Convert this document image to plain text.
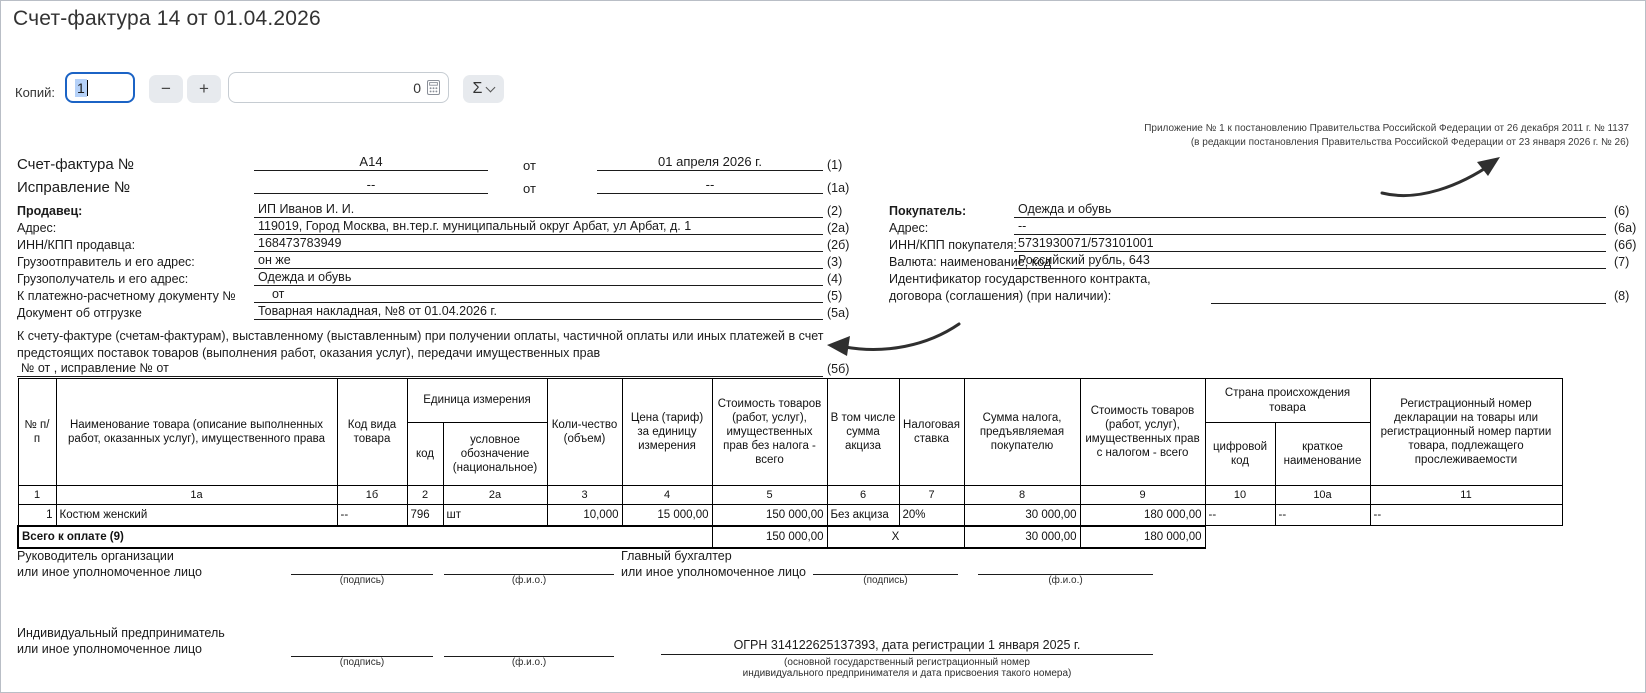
Счет-фактура 14 от 01.04.2026
Копий: 1	−	+	0	Σ
Приложение № 1 к постановлению Правительства Российской Федерации от 26 декабря 2011 г. № 1137
(в редакции постановления Правительства Российской Федерации от 23 января 2026 г. № 26)
Счет-фактура №	А14	от	01 апреля 2026 г.	(1)
Исправление №	--	от	--	(1а)
Продавец:	ИП Иванов И. И.	(2)
Адрес:	119019, Город Москва, вн.тер.г. муниципальный округ Арбат, ул Арбат, д. 1	(2а)
ИНН/КПП продавца:	168473783949	(2б)
Грузоотправитель и его адрес:	он же	(3)
Грузополучатель и его адрес:	Одежда и обувь	(4)
К платежно-расчетному документу №	от	(5)
Документ об отгрузке	Товарная накладная, №8 от 01.04.2026 г.	(5а)
Покупатель:	Одежда и обувь	(6)
Адрес:	--	(6а)
ИНН/КПП покупателя: 5731930071/573101001	(6б)
Валюта: наименование, код
Российский рубль, 643	(7)
Идентификатор государственного контракта,
договора (соглашения) (при наличии):	(8)
К счету-фактуре (счетам-фактурам), выставленному (выставленным) при получении оплаты, частичной оплаты или иных платежей в счет
предстоящих поставок товаров (выполнения работ, оказания услуг), передачи имущественных прав
№ от , исправление № от	(5б)
№ п/п	Наименование товара (описание выполненных работ, оказанных услуг), имущественного права	Код вида товара	Единица измерения		Коли-чество (объем)	Цена (тариф) за единицу измерения	Стоимость товаров (работ, услуг), имущественных прав без налога - всего	В том числе сумма акциза	Налоговая ставка	Сумма налога, предъявляемая покупателю	Стоимость товаров (работ, услуг), имущественных прав с налогом - всего	Страна происхождения товара		Регистрационный номер декларации на товары или регистрационный номер партии товара, подлежащего прослеживаемости
			код	условное обозначение (национальное)								цифровой код	краткое наименование	
1	1а	1б	2	2а	3	4	5	6	7	8	9	10	10а	11
1	Костюм женский	--	796	шт	10,000	15 000,00	150 000,00	Без акциза	20%	30 000,00	180 000,00	--	--	--
Всего к оплате (9)							150 000,00	X		30 000,00	180 000,00			
Руководитель организации
или иное уполномоченное лицо
(подпись)	(ф.и.о.)
Главный бухгалтер
или иное уполномоченное лицо
(подпись)	(ф.и.о.)
Индивидуальный предприниматель
или иное уполномоченное лицо
(подпись)	(ф.и.о.)
ОГРН 314122625137393, дата регистрации 1 января 2025 г.
(основной государственный регистрационный номер
индивидуального предпринимателя и дата присвоения такого номера)
